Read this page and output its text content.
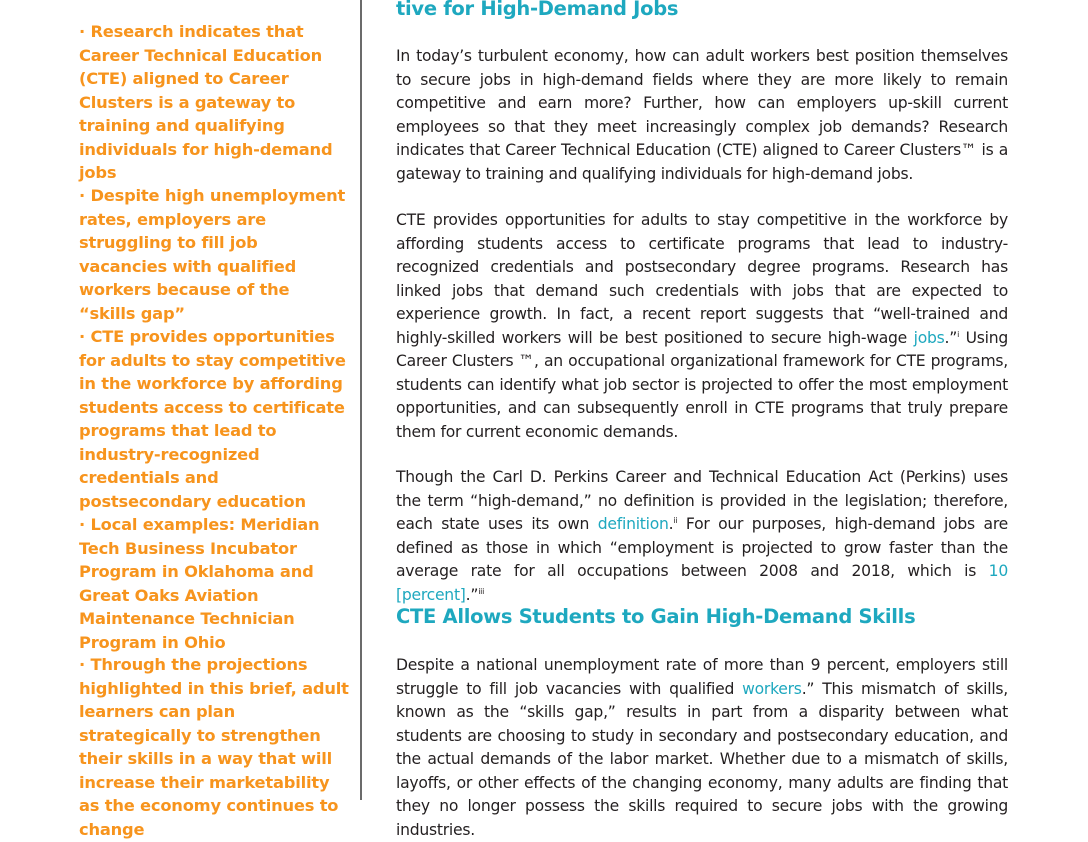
· Research indicates that Career Technical Education (CTE) aligned to Career Clusters is a gateway to training and qualifying individuals for high-demand jobs
· Despite high unemployment rates, employers are struggling to fill job vacancies with qualified workers because of the “skills gap”
· CTE provides opportunities for adults to stay competitive in the workforce by affording students access to certificate programs that lead to industry-recognized credentials and postsecondary education
· Local examples: Meridian Tech Business Incubator Program in Oklahoma and Great Oaks Aviation Maintenance Technician Program in Ohio
· Through the projections highlighted in this brief, adult learners can plan strategically to strengthen their skills in a way that will increase their marketability as the economy continues to change
tive for High-Demand Jobs
In today’s turbulent economy, how can adult workers best position themselves to secure jobs in high-demand fields where they are more likely to remain competitive and earn more? Further, how can employers up-skill current employees so that they meet increasingly complex job demands? Research indicates that Career Technical Education (CTE) aligned to Career Clusters™ is a gateway to training and qualifying individuals for high-demand jobs.
CTE provides opportunities for adults to stay competitive in the workforce by affording students access to certificate programs that lead to industry-recognized credentials and postsecondary degree programs. Research has linked jobs that demand such credentials with jobs that are expected to experience growth. In fact, a recent report suggests that “well-trained and highly-skilled workers will be best positioned to secure high-wage jobs.”$^i$ Using Career Clusters ™, an occupational organizational framework for CTE programs, students can identify what job sector is projected to offer the most employment opportunities, and can subsequently enroll in CTE programs that truly prepare them for current economic demands.
Though the Carl D. Perkins Career and Technical Education Act (Perkins) uses the term “high-demand,” no definition is provided in the legislation; therefore, each state uses its own definition.$^{ii}$ For our purposes, high-demand jobs are defined as those in which “employment is projected to grow faster than the average rate for all occupations between 2008 and 2018, which is 10 [percent].”$^{iii}$
CTE Allows Students to Gain High-Demand Skills
Despite a national unemployment rate of more than 9 percent, employers still struggle to fill job vacancies with qualified workers.” This mismatch of skills, known as the “skills gap,” results in part from a disparity between what students are choosing to study in secondary and postsecondary education, and the actual demands of the labor market. Whether due to a mismatch of skills, layoffs, or other effects of the changing economy, many adults are finding that they no longer possess the skills required to secure jobs with the growing industries.
